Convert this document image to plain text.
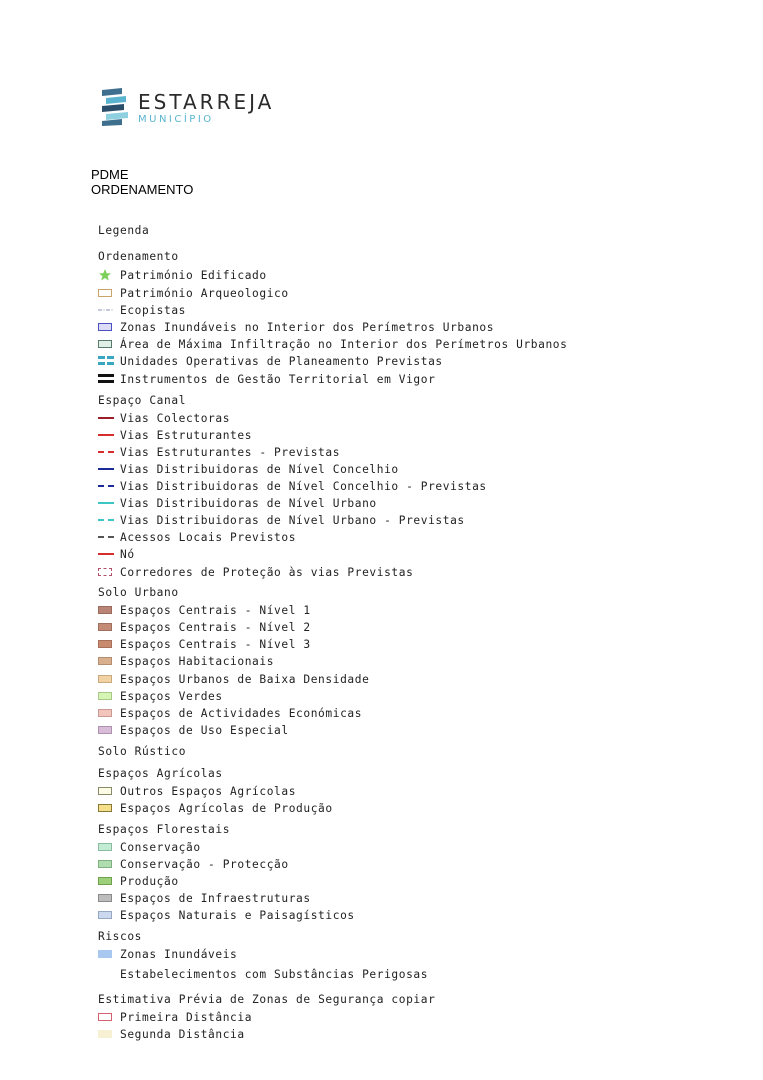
ESTARREJA
MUNICÍPIO
PDME
ORDENAMENTO
Legenda
Ordenamento
Património Edificado
Património Arqueologico
Ecopistas
Zonas Inundáveis no Interior dos Perímetros Urbanos
Área de Máxima Infiltração no Interior dos Perímetros Urbanos
Unidades Operativas de Planeamento Previstas
Instrumentos de Gestão Territorial em Vigor
Espaço Canal
Vias Colectoras
Vias Estruturantes
Vias Estruturantes - Previstas
Vias Distribuidoras de Nível Concelhio
Vias Distribuidoras de Nível Concelhio - Previstas
Vias Distribuidoras de Nível Urbano
Vias Distribuidoras de Nível Urbano - Previstas
Acessos Locais Previstos
Nó
Corredores de Proteção às vias Previstas
Solo Urbano
Espaços Centrais - Nível 1
Espaços Centrais - Nível 2
Espaços Centrais - Nível 3
Espaços Habitacionais
Espaços Urbanos de Baixa Densidade
Espaços Verdes
Espaços de Actividades Económicas
Espaços de Uso Especial
Solo Rústico
Espaços Agrícolas
Outros Espaços Agrícolas
Espaços Agrícolas de Produção
Espaços Florestais
Conservação
Conservação - Protecção
Produção
Espaços de Infraestruturas
Espaços Naturais e Paisagísticos
Riscos
Zonas Inundáveis
Estabelecimentos com Substâncias Perigosas
Estimativa Prévia de Zonas de Segurança copiar
Primeira Distância
Segunda Distância
